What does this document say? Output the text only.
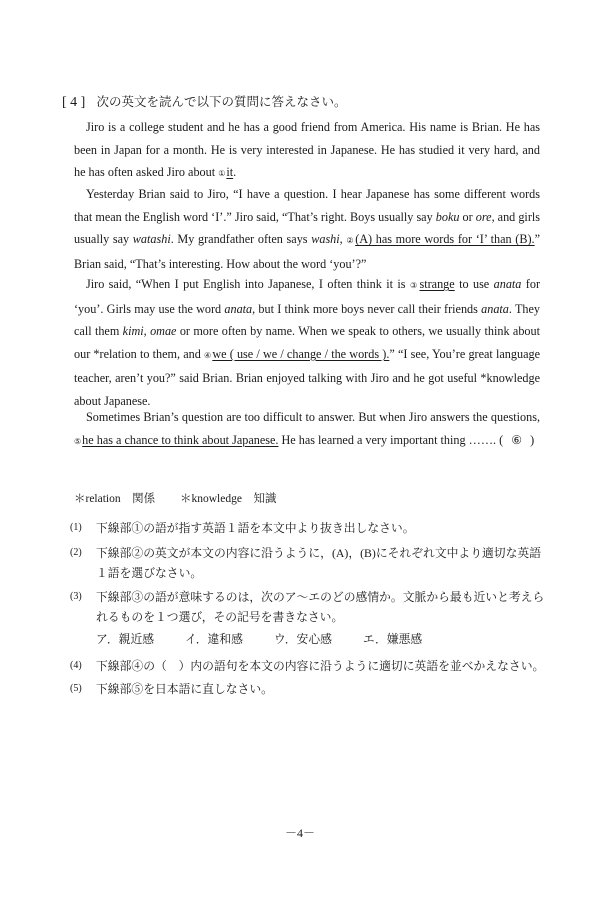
[ 4 ] 次の英文を読んで以下の質問に答えなさい。
Jiro is a college student and he has a good friend from America. His name is Brian. He has been in Japan for a month. He is very interested in Japanese. He has studied it very hard, and he has often asked Jiro about ①it.
Yesterday Brian said to Jiro, “I have a question. I hear Japanese has some different words that mean the English word ‘I’.” Jiro said, “That’s right. Boys usually say boku or ore, and girls usually say watashi. My grandfather often says washi, ②(A) has more words for ‘I’ than (B).” Brian said, “That’s interesting. How about the word ‘you’?”
Jiro said, “When I put English into Japanese, I often think it is ③strange to use anata for ‘you’. Girls may use the word anata, but I think more boys never call their friends anata. They call them kimi, omae or more often by name. When we speak to others, we usually think about our *relation to them, and ④we ( use / we / change / the words ).” “I see, You’re great language teacher, aren’t you?” said Brian. Brian enjoyed talking with Jiro and he got useful *knowledge about Japanese.
Sometimes Brian’s question are too difficult to answer. But when Jiro answers the questions, ⑤he has a chance to think about Japanese. He has learned a very important thing ……. ( ⑥ )
＊relation　関係 ＊knowledge　知識
(1)	下線部①の語が指す英語１語を本文中より抜き出しなさい。
(2)	下線部②の英文が本文の内容に沿うように，(A)，(B)にそれぞれ文中より適切な英語１語を選びなさい。
(3)	下線部③の語が意味するのは，次のア～エのどの感情か。文脈から最も近いと考えられるものを１つ選び，その記号を書きなさい。
ア．親近感	イ．違和感	ウ．安心感	エ．嫌悪感
(4)	下線部④の（　）内の語句を本文の内容に沿うように適切に英語を並べかえなさい。
(5)	下線部⑤を日本語に直しなさい。
－4－
